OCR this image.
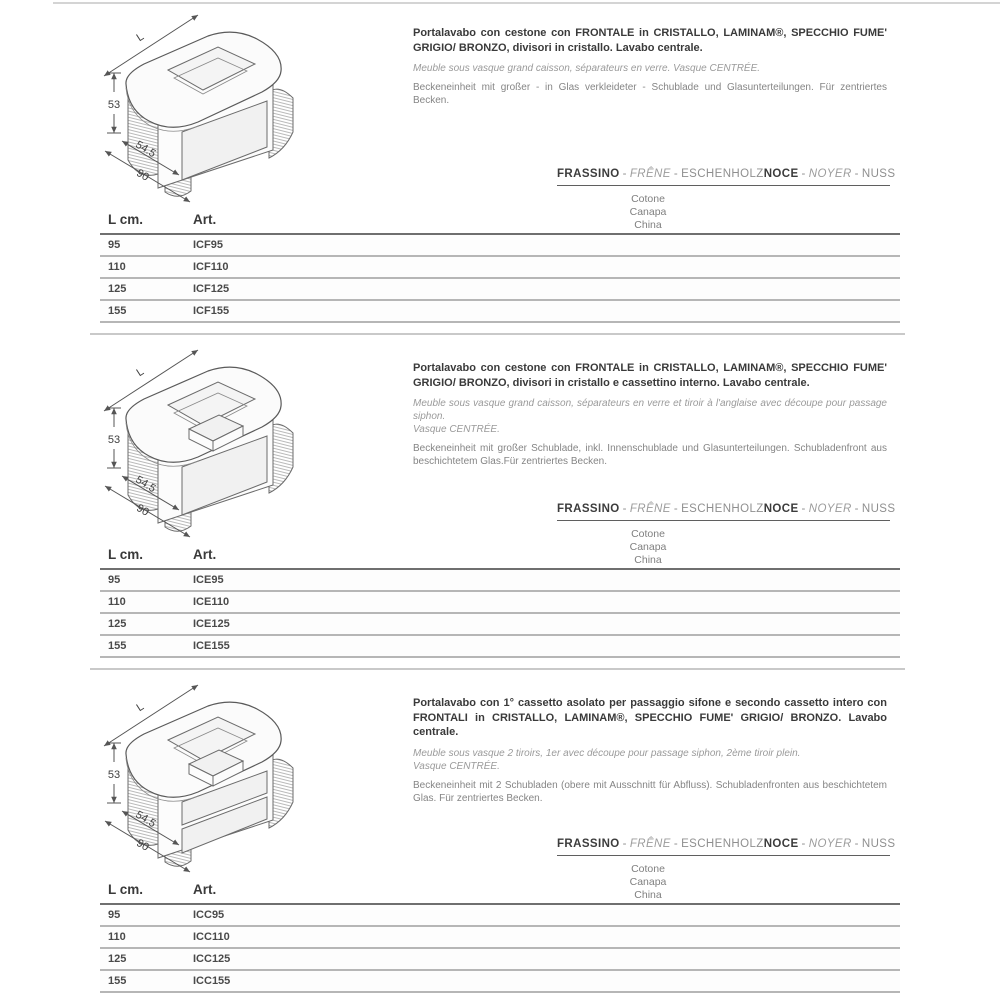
L
53
54.5
90

Portalavabo con cestone con FRONTALE in CRISTALLO, LAMINAM®, SPECCHIO FUME' GRIGIO/ BRONZO, divisori in cristallo. Lavabo centrale.

Meuble sous vasque grand caisson, séparateurs en verre. Vasque CENTRÉE.
Beckeneinheit mit großer - in Glas verkleideter - Schublade und Glasunterteilungen. Für zentriertes Becken.
FRASSINO - FRÊNE - ESCHENHOLZ NOCE - NOYER - NUSS
Cotone
Canapa
China
L cm.	Art.
95	ICF95
110	ICF110
125	ICF125
155	ICF155
L
53
54.5
90

Portalavabo con cestone con FRONTALE in CRISTALLO, LAMINAM®, SPECCHIO FUME' GRIGIO/ BRONZO, divisori in cristallo e cassettino interno. Lavabo centrale.

Meuble sous vasque grand caisson, séparateurs en verre et tiroir à l'anglaise avec découpe pour passage siphon.
Vasque CENTRÉE.
Beckeneinheit mit großer Schublade, inkl. Innenschublade und Glasunterteilungen. Schubladenfront aus beschichtetem Glas.Für zentriertes Becken.
FRASSINO - FRÊNE - ESCHENHOLZ NOCE - NOYER - NUSS
Cotone
Canapa
China
L cm.	Art.
95	ICE95
110	ICE110
125	ICE125
155	ICE155
L
53
54.5
90

Portalavabo con 1° cassetto asolato per passaggio sifone e secondo cassetto intero con FRONTALI in CRISTALLO, LAMINAM®, SPECCHIO FUME' GRIGIO/ BRONZO. Lavabo centrale.

Meuble sous vasque 2 tiroirs, 1er avec découpe pour passage siphon, 2ème tiroir plein.
Vasque CENTRÉE.
Beckeneinheit mit 2 Schubladen (obere mit Ausschnitt für Abfluss). Schubladenfronten aus beschichtetem Glas. Für zentriertes Becken.
FRASSINO - FRÊNE - ESCHENHOLZ NOCE - NOYER - NUSS
Cotone
Canapa
China
L cm.	Art.
95	ICC95
110	ICC110
125	ICC125
155	ICC155
